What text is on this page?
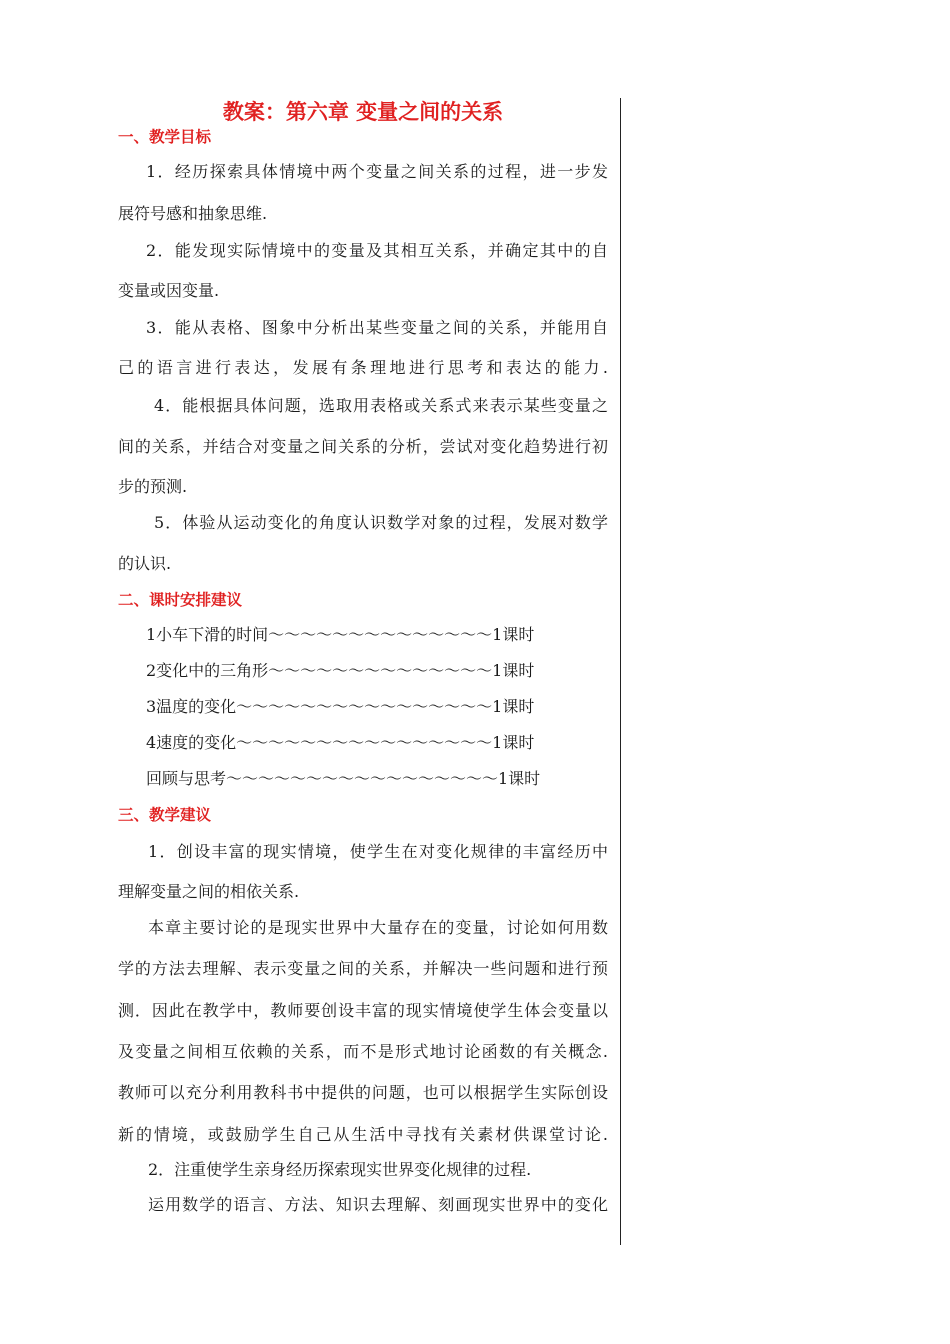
教案：第六章 变量之间的关系
一、教学目标
1．经历探索具体情境中两个变量之间关系的过程，进一步发
展符号感和抽象思维.
2．能发现实际情境中的变量及其相互关系，并确定其中的自
变量或因变量.
3．能从表格、图象中分析出某些变量之间的关系，并能用自
己的语言进行表达，发展有条理地进行思考和表达的能力.
4．能根据具体问题，选取用表格或关系式来表示某些变量之
间的关系，并结合对变量之间关系的分析，尝试对变化趋势进行初
步的预测.
5．体验从运动变化的角度认识数学对象的过程，发展对数学
的认识.
二、课时安排建议
1小车下滑的时间～～～～～～～～～～～～～～1课时
2变化中的三角形～～～～～～～～～～～～～～1课时
3温度的变化～～～～～～～～～～～～～～～～1课时
4速度的变化～～～～～～～～～～～～～～～～1课时
回顾与思考～～～～～～～～～～～～～～～～～1课时
三、教学建议
1．创设丰富的现实情境，使学生在对变化规律的丰富经历中
理解变量之间的相依关系.
本章主要讨论的是现实世界中大量存在的变量，讨论如何用数
学的方法去理解、表示变量之间的关系，并解决一些问题和进行预
测．因此在教学中，教师要创设丰富的现实情境使学生体会变量以
及变量之间相互依赖的关系，而不是形式地讨论函数的有关概念.
教师可以充分利用教科书中提供的问题，也可以根据学生实际创设
新的情境，或鼓励学生自己从生活中寻找有关素材供课堂讨论.
2．注重使学生亲身经历探索现实世界变化规律的过程.
运用数学的语言、方法、知识去理解、刻画现实世界中的变化
